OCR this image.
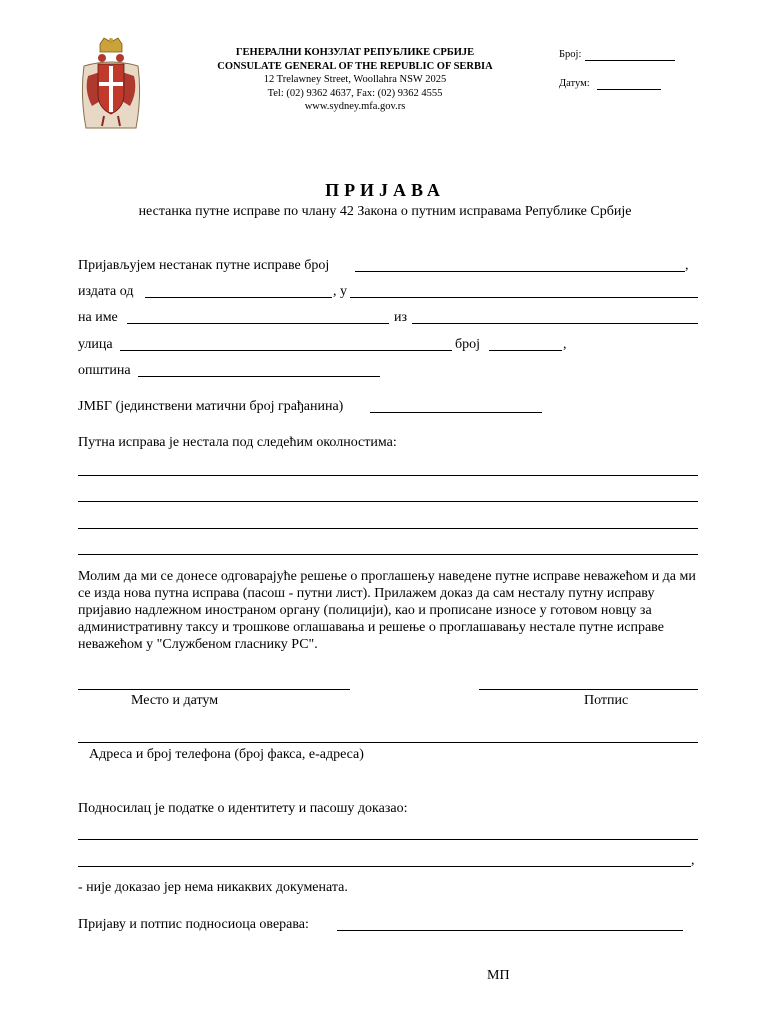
ГЕНЕРАЛНИ КОНЗУЛАТ РЕПУБЛИКЕ СРБИЈЕ
CONSULATE GENERAL OF THE REPUBLIC OF SERBIA
12 Trelawney Street, Woollahra NSW 2025
Tel: (02) 9362 4637, Fax: (02) 9362 4555
www.sydney.mfa.gov.rs
Број:
Датум:
ПРИЈАВА
нестанка путне исправе по члану 42 Закона о путним исправама Републике Србије
Пријављујем нестанак путне исправе број	,
издата од	, у
на име	из
улица	број	,
општина
ЈМБГ (јединствени матични број грађанина)
Путна исправа је нестала под следећим околностима:
Молим да ми се донесе одговарајуће решење о проглашењу наведене путне исправе неважећом и да ми се изда нова путна исправа (пасош - путни лист). Прилажем доказ да сам несталу путну исправу пријавио надлежном иностраном органу (полицији), као и прописане износе у готовом новцу за административну таксу и трошкове оглашавања и решење о проглашавању нестале путне исправе неважећом у "Службеном гласнику РС".
Место и датум	Потпис
Адреса и број телефона (број факса, е-адреса)
Подносилац је податке о идентитету и пасошу доказао:
,
- није доказао јер нема никаквих докумената.
Пријаву и потпис подносиоца оверава:
МП
